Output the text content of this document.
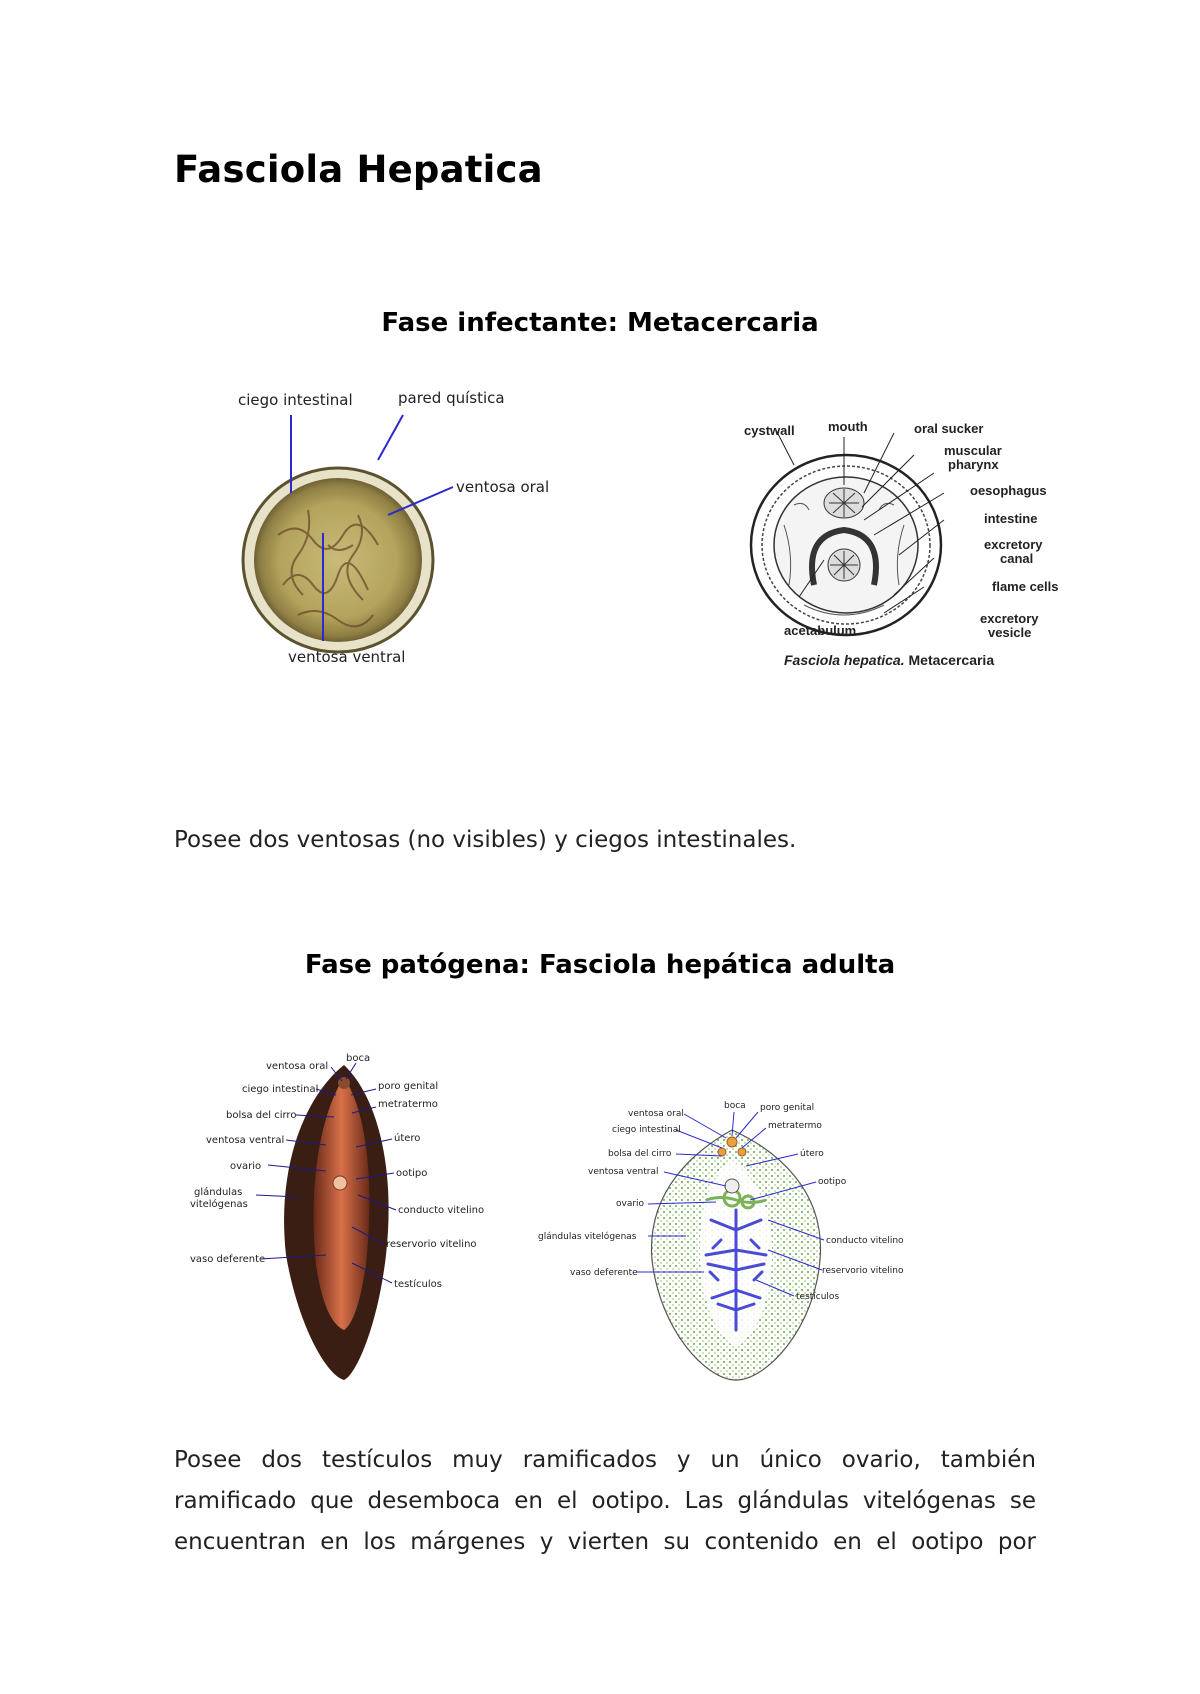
Fasciola Hepatica
Fase infectante: Metacercaria
ciego intestinal	pared quística
ventosa oral
ventosa ventral
cystwall	mouth	oral sucker
muscular
pharynx
oesophagus
intestine
excretory
canal
flame cells
excretory
vesicle
acetabulum
Fasciola hepatica. Metacercaria

Posee dos ventosas (no visibles) y ciegos intestinales.

Fase patógena: Fasciola hepática adulta
ventosa oral
boca
ciego intestinal	poro genital
bolsa del cirro
metratermo
ventosa ventral	útero
ovario
ootipo
glándulas
vitelógenas
conducto vitelino
reservorio vitelino
vaso deferente
testículos
ventosa oral
boca poro genital
ciego intestinal	metratermo
bolsa del cirro	útero
ventosa ventral
ootipo
ovario
glándulas vitelógenas	conducto vitelino
reservorio vitelino
vaso deferente
testículos

Posee dos testículos muy ramificados y un único ovario, también ramificado que desemboca en el ootipo. Las glándulas vitelógenas se encuentran en los márgenes y vierten su contenido en el ootipo por
